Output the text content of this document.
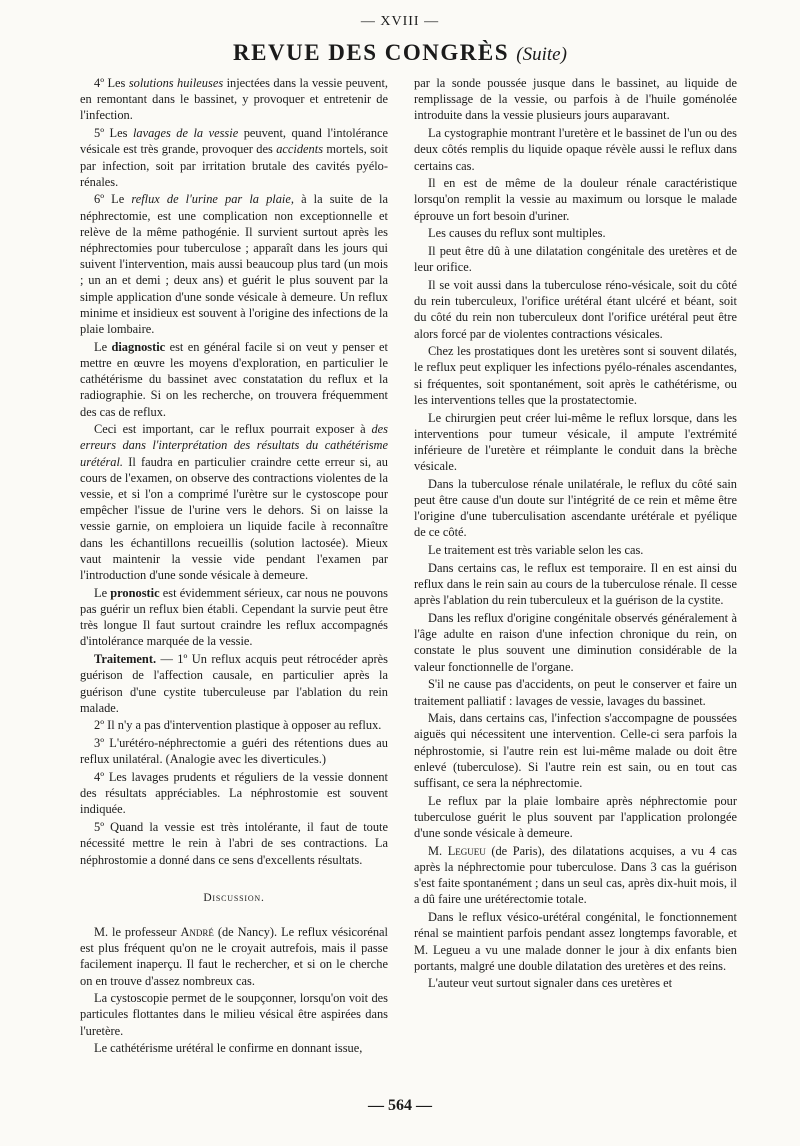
— XVIII —
REVUE DES CONGRÈS (Suite)

4º Les solutions huileuses injectées dans la vessie peuvent, en remontant dans le bassinet, y provoquer et entretenir de l'infection.

5º Les lavages de la vessie peuvent, quand l'intolérance vésicale est très grande, provoquer des accidents mortels, soit par infection, soit par irritation brutale des cavités pyélo-rénales.

6º Le reflux de l'urine par la plaie, à la suite de la néphrectomie, est une complication non exceptionnelle et relève de la même pathogénie. Il survient surtout après les néphrectomies pour tuberculose ; apparaît dans les jours qui suivent l'intervention, mais aussi beaucoup plus tard (un mois ; un an et demi ; deux ans) et guérit le plus souvent par la simple application d'une sonde vésicale à demeure. Un reflux minime et insidieux est souvent à l'origine des infections de la plaie lombaire.

Le diagnostic est en général facile si on veut y penser et mettre en œuvre les moyens d'exploration, en particulier le cathétérisme du bassinet avec constatation du reflux et la radiographie. Si on les recherche, on trouvera fréquemment des cas de reflux.

Ceci est important, car le reflux pourrait exposer à des erreurs dans l'interprétation des résultats du cathétérisme urétéral. Il faudra en particulier craindre cette erreur si, au cours de l'examen, on observe des contractions violentes de la vessie, et si l'on a comprimé l'urètre sur le cystoscope pour empêcher l'issue de l'urine vers le dehors. Si on laisse la vessie garnie, on emploiera un liquide facile à reconnaître dans les échantillons recueillis (solution lactosée). Mieux vaut maintenir la vessie vide pendant l'examen par l'introduction d'une sonde vésicale à demeure.

Le pronostic est évidemment sérieux, car nous ne pouvons pas guérir un reflux bien établi. Cependant la survie peut être très longue Il faut surtout craindre les reflux accompagnés d'intolérance marquée de la vessie.

Traitement. — 1º Un reflux acquis peut rétrocéder après guérison de l'affection causale, en particulier après la guérison d'une cystite tuberculeuse par l'ablation du rein malade.

2º Il n'y a pas d'intervention plastique à opposer au reflux.

3º L'urétéro-néphrectomie a guéri des rétentions dues au reflux unilatéral. (Analogie avec les diverticules.)

4º Les lavages prudents et réguliers de la vessie donnent des résultats appréciables. La néphrostomie est souvent indiquée.

5º Quand la vessie est très intolérante, il faut de toute nécessité mettre le rein à l'abri de ses contractions. La néphrostomie a donné dans ce sens d'excellents résultats.

Discussion.

M. le professeur André (de Nancy). Le reflux vésicorénal est plus fréquent qu'on ne le croyait autrefois, mais il passe facilement inaperçu. Il faut le rechercher, et si on le cherche on en trouve d'assez nombreux cas.

La cystoscopie permet de le soupçonner, lorsqu'on voit des particules flottantes dans le milieu vésical être aspirées dans l'uretère.

Le cathétérisme urétéral le confirme en donnant issue,

par la sonde poussée jusque dans le bassinet, au liquide de remplissage de la vessie, ou parfois à de l'huile goménolée introduite dans la vessie plusieurs jours auparavant.

La cystographie montrant l'uretère et le bassinet de l'un ou des deux côtés remplis du liquide opaque révèle aussi le reflux dans certains cas.

Il en est de même de la douleur rénale caractéristique lorsqu'on remplit la vessie au maximum ou lorsque le malade éprouve un fort besoin d'uriner.

Les causes du reflux sont multiples.

Il peut être dû à une dilatation congénitale des uretères et de leur orifice.

Il se voit aussi dans la tuberculose réno-vésicale, soit du côté du rein tuberculeux, l'orifice urétéral étant ulcéré et béant, soit du côté du rein non tuberculeux dont l'orifice urétéral peut être alors forcé par de violentes contractions vésicales.

Chez les prostatiques dont les uretères sont si souvent dilatés, le reflux peut expliquer les infections pyélo-rénales ascendantes, si fréquentes, soit spontanément, soit après le cathétérisme, ou les interventions telles que la prostatectomie.

Le chirurgien peut créer lui-même le reflux lorsque, dans les interventions pour tumeur vésicale, il ampute l'extrémité inférieure de l'uretère et réimplante le conduit dans la brèche vésicale.

Dans la tuberculose rénale unilatérale, le reflux du côté sain peut être cause d'un doute sur l'intégrité de ce rein et même être l'origine d'une tuberculisation ascendante urétérale et pyélique de ce côté.

Le traitement est très variable selon les cas.

Dans certains cas, le reflux est temporaire. Il en est ainsi du reflux dans le rein sain au cours de la tuberculose rénale. Il cesse après l'ablation du rein tuberculeux et la guérison de la cystite.

Dans les reflux d'origine congénitale observés généralement à l'âge adulte en raison d'une infection chronique du rein, on constate le plus souvent une diminution considérable de la valeur fonctionnelle de l'organe.

S'il ne cause pas d'accidents, on peut le conserver et faire un traitement palliatif : lavages de vessie, lavages du bassinet.

Mais, dans certains cas, l'infection s'accompagne de poussées aiguës qui nécessitent une intervention. Celle-ci sera parfois la néphrostomie, si l'autre rein est lui-même malade ou doit être enlevé (tuberculose). Si l'autre rein est sain, ou en tout cas suffisant, ce sera la néphrectomie.

Le reflux par la plaie lombaire après néphrectomie pour tuberculose guérit le plus souvent par l'application prolongée d'une sonde vésicale à demeure.

M. Legueu (de Paris), des dilatations acquises, a vu 4 cas après la néphrectomie pour tuberculose. Dans 3 cas la guérison s'est faite spontanément ; dans un seul cas, après dix-huit mois, il a dû faire une urétérectomie totale.

Dans le reflux vésico-urétéral congénital, le fonctionnement rénal se maintient parfois pendant assez longtemps favorable, et M. Legueu a vu une malade donner le jour à dix enfants bien portants, malgré une double dilatation des uretères et des reins.

L'auteur veut surtout signaler dans ces uretères et

— 564 —
